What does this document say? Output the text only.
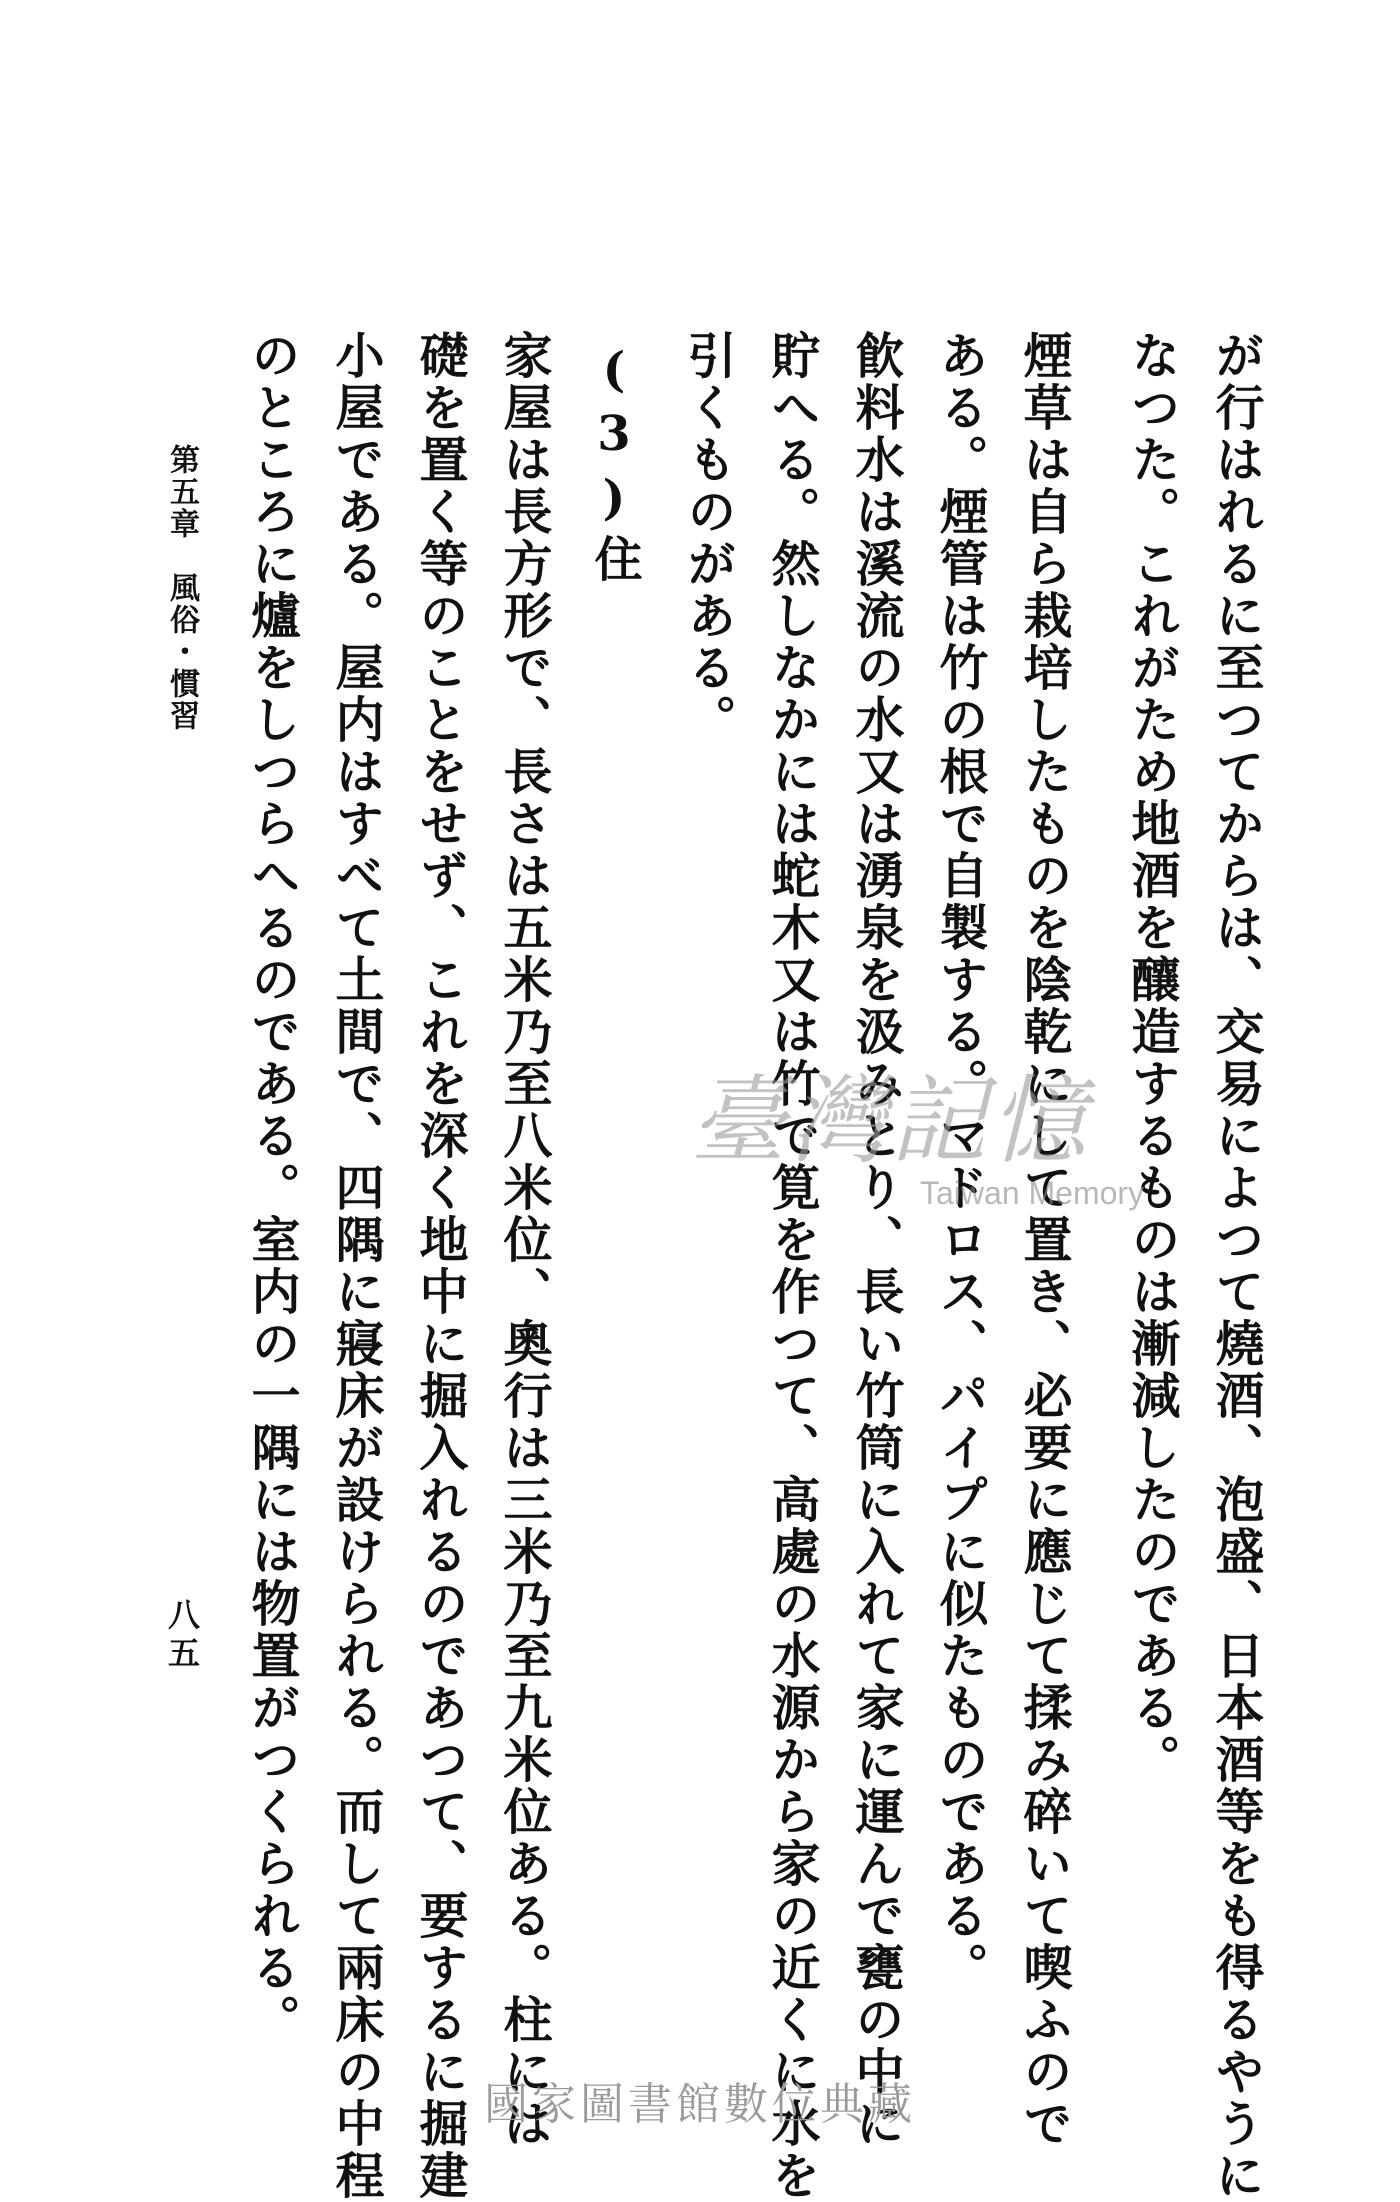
が行はれるに至つてからは、交易によつて燒酒、泡盛、日本酒等をも得るやうに
なつた。これがため地酒を釀造するものは漸減したのである。
煙草は自ら栽培したものを陰乾にして置き、必要に應じて揉み碎いて喫ふので
ある。煙管は竹の根で自製する。マドロス、パイプに似たものである。
飮料水は溪流の水又は湧泉を汲みとり、長い竹筒に入れて家に運んで甕の中に
貯へる。然しなかには蛇木又は竹で筧を作つて、高處の水源から家の近くに水を
引くものがある。
(3)住
家屋は長方形で、長さは五米乃至八米位、奧行は三米乃至九米位ある。柱には
礎を置く等のことをせず、これを深く地中に掘入れるのであつて、要するに掘建
小屋である。屋内はすべて土間で、四隅に寢床が設けられる。而して兩床の中程
のところに爐をしつらへるのである。室内の一隅には物置がつくられる。
第五章　風俗・慣習
八五
臺灣記憶
Taiwan Memory
國家圖書館數位典藏
